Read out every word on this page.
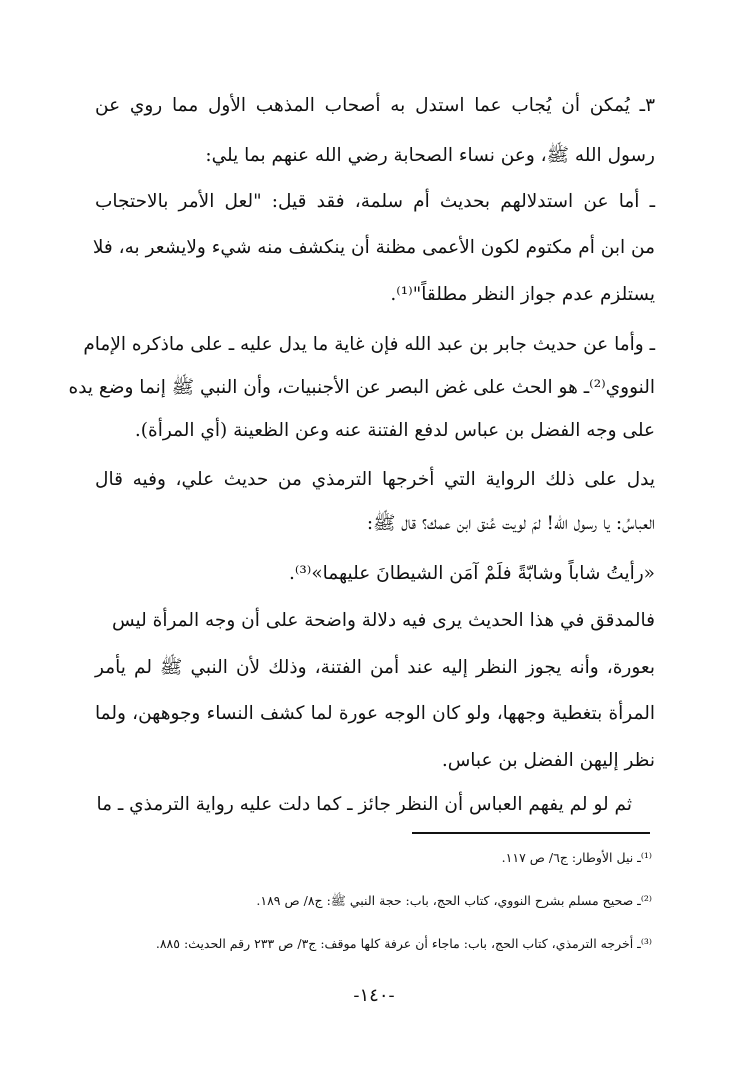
٣ـ يُمكن أن يُجاب عما استدل به أصحاب المذهب الأول مما روي عن
رسول الله ﷺ، وعن نساء الصحابة رضي الله عنهم بما يلي:
ـ أما عن استدلالهم بحديث أم سلمة، فقد قيل: "لعل الأمر بالاحتجاب
من ابن أم مكتوم لكون الأعمى مظنة أن ينكشف منه شيء ولايشعر به، فلا
يستلزم عدم جواز النظر مطلقاً"⁽¹⁾.
ـ وأما عن حديث جابر بن عبد الله فإن غاية ما يدل عليه ـ على ماذكره الإمام
النووي⁽²⁾ـ هو الحث على غض البصر عن الأجنبيات، وأن النبي ﷺ إنما وضع يده
على وجه الفضل بن عباس لدفع الفتنة عنه وعن الظعينة (أي المرأة).
يدل على ذلك الرواية التي أخرجها الترمذي من حديث علي، وفيه قال
العباسُ: يا رسول الله! لمَ لويت عُنق ابن عمك؟ قال ﷺ:
«رأيتُ شاباً وشابّةً فلَمْ آمَن الشيطانَ عليهما»⁽³⁾.
فالمدقق في هذا الحديث يرى فيه دلالة واضحة على أن وجه المرأة ليس
بعورة، وأنه يجوز النظر إليه عند أمن الفتنة، وذلك لأن النبي ﷺ لم يأمر
المرأة بتغطية وجهها، ولو كان الوجه عورة لما كشف النساء وجوههن، ولما
نظر إليهن الفضل بن عباس.
ثم لو لم يفهم العباس أن النظر جائز ـ كما دلت عليه رواية الترمذي ـ ما
⁽¹⁾ـ نيل الأوطار: ج٦/ ص ١١٧.
⁽²⁾ـ صحيح مسلم بشرح النووي، كتاب الحج، باب: حجة النبي ﷺ: ج٨/ ص ١٨٩.
⁽³⁾ـ أخرجه الترمذي، كتاب الحج، باب: ماجاء أن عرفة كلها موقف: ج٣/ ص ٢٣٣ رقم الحديث: ٨٨٥.
-١٤٠-
